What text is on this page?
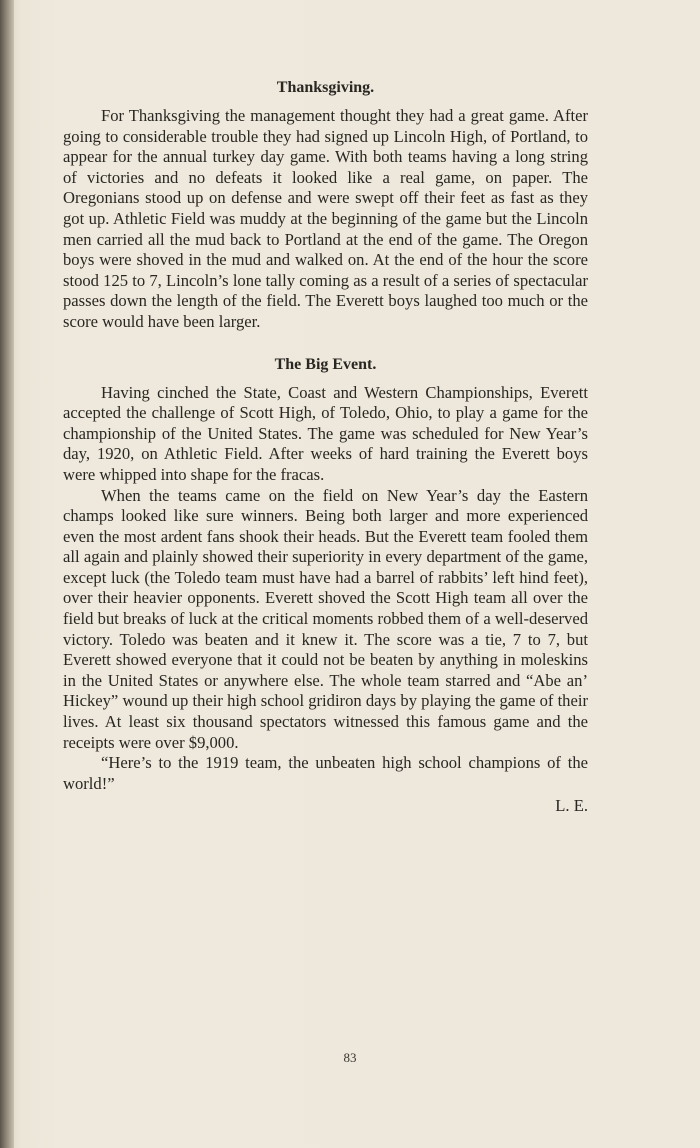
Thanksgiving.

For Thanksgiving the management thought they had a great game. After going to considerable trouble they had signed up Lincoln High, of Portland, to appear for the annual turkey day game. With both teams having a long string of victories and no defeats it looked like a real game, on paper. The Oregonians stood up on defense and were swept off their feet as fast as they got up. Athletic Field was muddy at the beginning of the game but the Lincoln men carried all the mud back to Portland at the end of the game. The Oregon boys were shoved in the mud and walked on. At the end of the hour the score stood 125 to 7, Lincoln’s lone tally coming as a result of a series of spectacular passes down the length of the field. The Everett boys laughed too much or the score would have been larger.

The Big Event.

Having cinched the State, Coast and Western Championships, Everett accepted the challenge of Scott High, of Toledo, Ohio, to play a game for the championship of the United States. The game was scheduled for New Year’s day, 1920, on Athletic Field. After weeks of hard training the Everett boys were whipped into shape for the fracas.

When the teams came on the field on New Year’s day the Eastern champs looked like sure winners. Being both larger and more experienced even the most ardent fans shook their heads. But the Everett team fooled them all again and plainly showed their superiority in every department of the game, except luck (the Toledo team must have had a barrel of rabbits’ left hind feet), over their heavier opponents. Everett shoved the Scott High team all over the field but breaks of luck at the critical moments robbed them of a well-deserved victory. Toledo was beaten and it knew it. The score was a tie, 7 to 7, but Everett showed everyone that it could not be beaten by anything in moleskins in the United States or anywhere else. The whole team starred and “Abe an’ Hickey” wound up their high school gridiron days by playing the game of their lives. At least six thousand spectators witnessed this famous game and the receipts were over $9,000.

“Here’s to the 1919 team, the unbeaten high school champions of the world!”

L. E.
83
